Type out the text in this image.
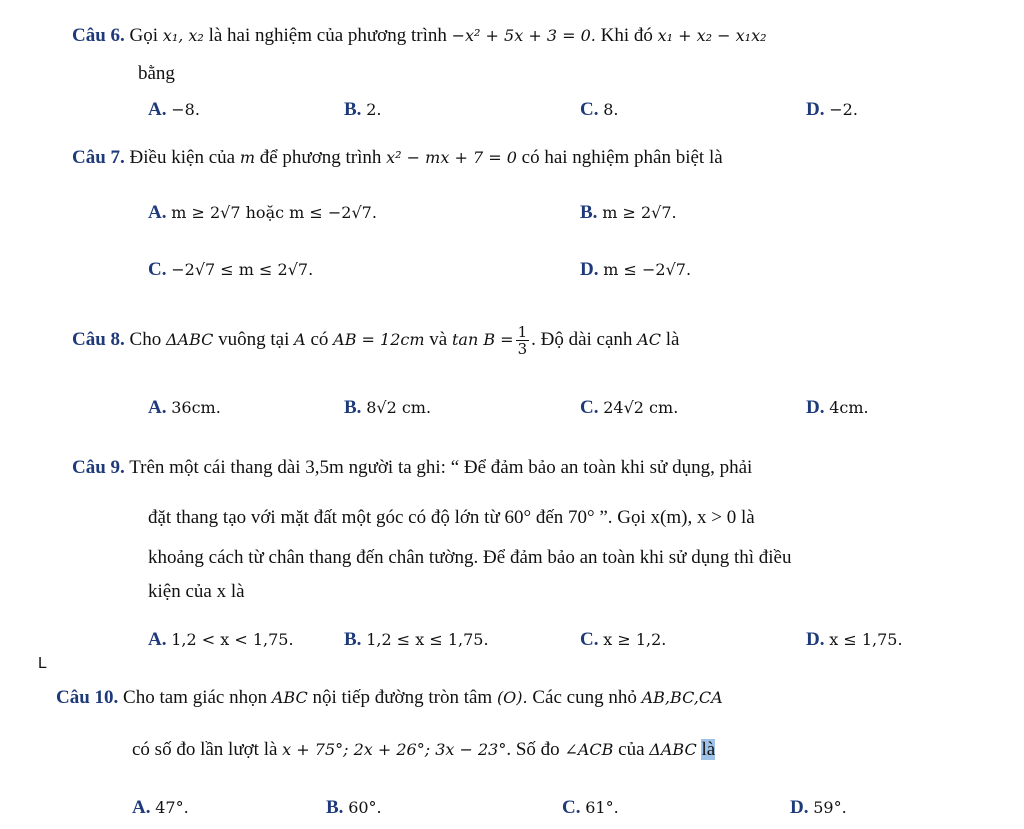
Câu 6. Gọi x₁, x₂ là hai nghiệm của phương trình −x² + 5x + 3 = 0. Khi đó x₁ + x₂ − x₁x₂
bằng
A. −8.	B. 2.	C. 8.	D. −2.
Câu 7. Điều kiện của m để phương trình x² − mx + 7 = 0 có hai nghiệm phân biệt là
A. m ≥ 2√7 hoặc m ≤ −2√7.	B. m ≥ 2√7.
C. −2√7 ≤ m ≤ 2√7.	D. m ≤ −2√7.
Câu 8. Cho ΔABC vuông tại A có AB = 12cm và $\tan B = \frac{1}{3}$ . Độ dài cạnh AC là
A. 36cm.	B. 8√2 cm.	C. 24√2 cm.	D. 4cm.
Câu 9. Trên một cái thang dài 3,5m người ta ghi: “ Để đảm bảo an toàn khi sử dụng, phải
đặt thang tạo với mặt đất một góc có độ lớn từ 60° đến 70° ”. Gọi x(m), x > 0 là
khoảng cách từ chân thang đến chân tường. Để đảm bảo an toàn khi sử dụng thì điều
kiện của x là
A. 1,2 < x < 1,75.	B. 1,2 ≤ x ≤ 1,75.	C. x ≥ 1,2.	D. x ≤ 1,75.
L
Câu 10. Cho tam giác nhọn ABC nội tiếp đường tròn tâm (O). Các cung nhỏ AB,BC,CA
có số đo lần lượt là x + 75°; 2x + 26°; 3x − 23°. Số đo ∠ACB của ΔABC là
A. 47°.	B. 60°.	C. 61°.	D. 59°.
